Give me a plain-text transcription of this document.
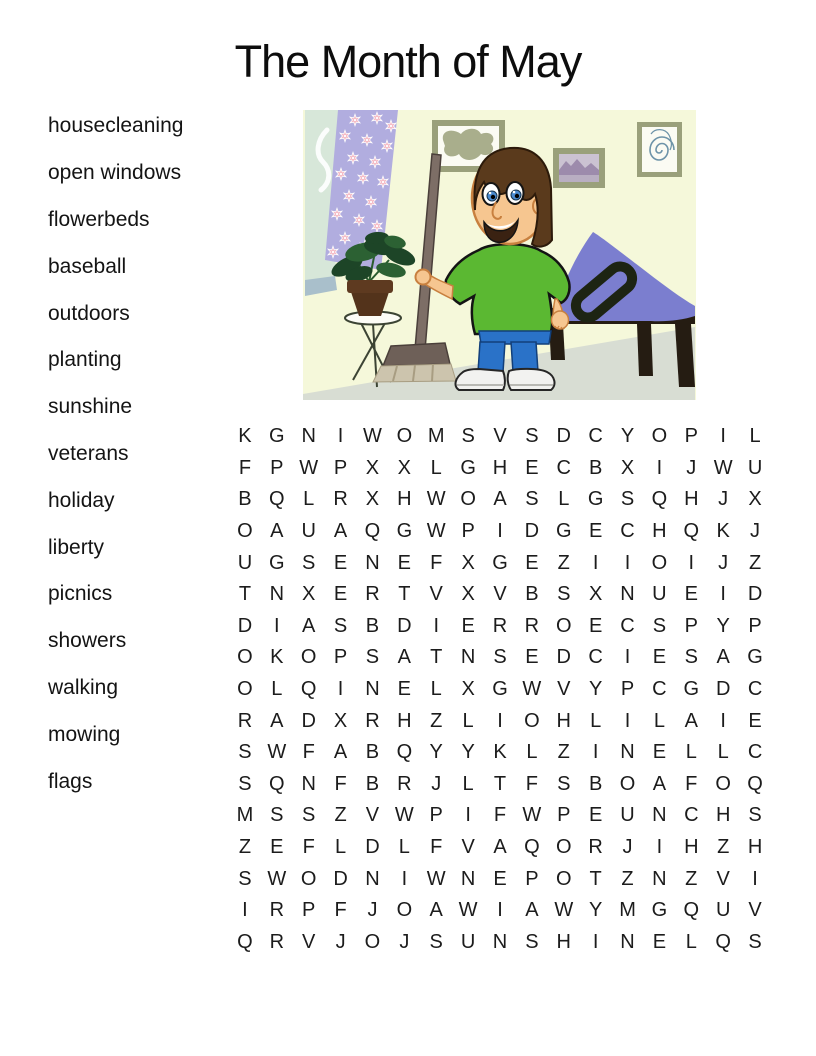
The Month of May
housecleaning
open windows
flowerbeds
baseball
outdoors
planting
sunshine
veterans
holiday
liberty
picnics
showers
walking
mowing
flags
K G N	I W O M S V S D C Y O P	I	L
F P W P X X L G H E C B X	I	J W U
B Q L R X H W O A S L G S Q H J	X
O A U A Q G W P	I	D G E C H Q K	J
U G S E N E F X G E Z	I	I	O	I	J	Z
T N X E R T V X V B S X N U E	I	D
D	I	A S B D	I	E R R O E C S P Y P
O K O P S A T N S E D C	I	E S A G
O L Q	I	N E L X G W V Y P C G D C
R A D X R H Z	L	I	O H L	I	L A	I	E
S W F A B Q Y Y K L	Z	I	N E L	L C
S Q N F B R J	L	T F S B O A F O Q
M S S Z V W P	I	F W P E U N C H S
Z E F	L D L	F V A Q O R J	I	H Z H
S W O D N	I W N E P O T Z N Z V	I
I	R P F	J O A W I	A W Y M G Q U V
Q R V	J O J	S U N S H	I	N E L Q S
